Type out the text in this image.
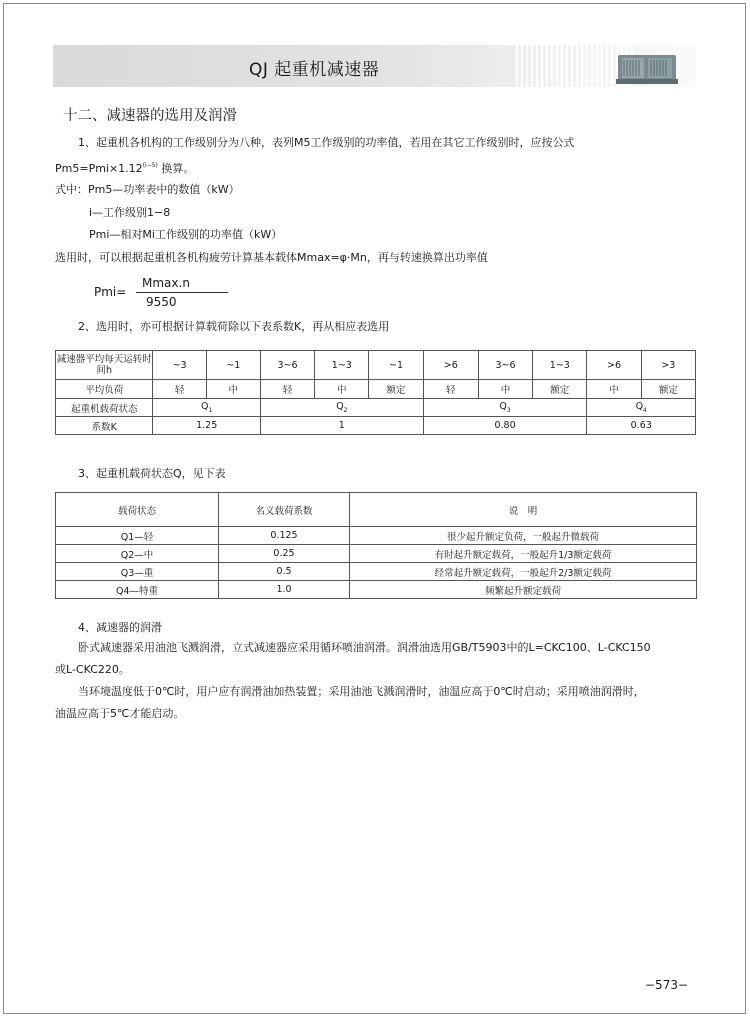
QJ 起重机减速器
十二、减速器的选用及润滑
1、起重机各机构的工作级别分为八种，表列M5工作级别的功率值，若用在其它工作级别时，应按公式
$Pm5=Pmi\times 1.12^{(i-5)}$ 换算。
式中：Pm5—功率表中的数值（kW）
i—工作级别1−8
Pmi—相对Mi工作级别的功率值（kW）
选用时，可以根据起重机各机构疲劳计算基本载体Mmax=φ·Mn，再与转速换算出功率值
Pmi=
Mmax.n
9550
2、选用时，亦可根据计算载荷除以下表系数K，再从相应表选用
减速器平均每天运转时间h	~3	~1	3~6	1~3	~1	>6	3~6	1~3	>6	>3
平均负荷	轻	中	轻	中	额定	轻	中	额定	中	额定
起重机载荷状态	$Q_1$		$Q_2$			$Q_3$			$Q_4$
系数K	1.25		1			0.80			0.63	
3、起重机载荷状态Q，见下表
载荷状态	名义载荷系数	说　明
Q1—轻	0.125	很少起升额定负荷，一般起升微载荷
Q2—中	0.25	有时起升额定载荷，一般起升1/3额定载荷
Q3—重	0.5	经常起升额定载荷，一般起升2/3额定载荷
Q4—特重	1.0	频繁起升额定载荷
4、减速器的润滑
卧式减速器采用油池飞溅润滑，立式减速器应采用循环喷油润滑。润滑油选用GB/T5903中的L=CKC100、L-CKC150
或L-CKC220。
当环境温度低于0℃时，用户应有润滑油加热装置；采用油池飞溅润滑时，油温应高于0℃时启动；采用喷油润滑时，
油温应高于5℃才能启动。
−573−
